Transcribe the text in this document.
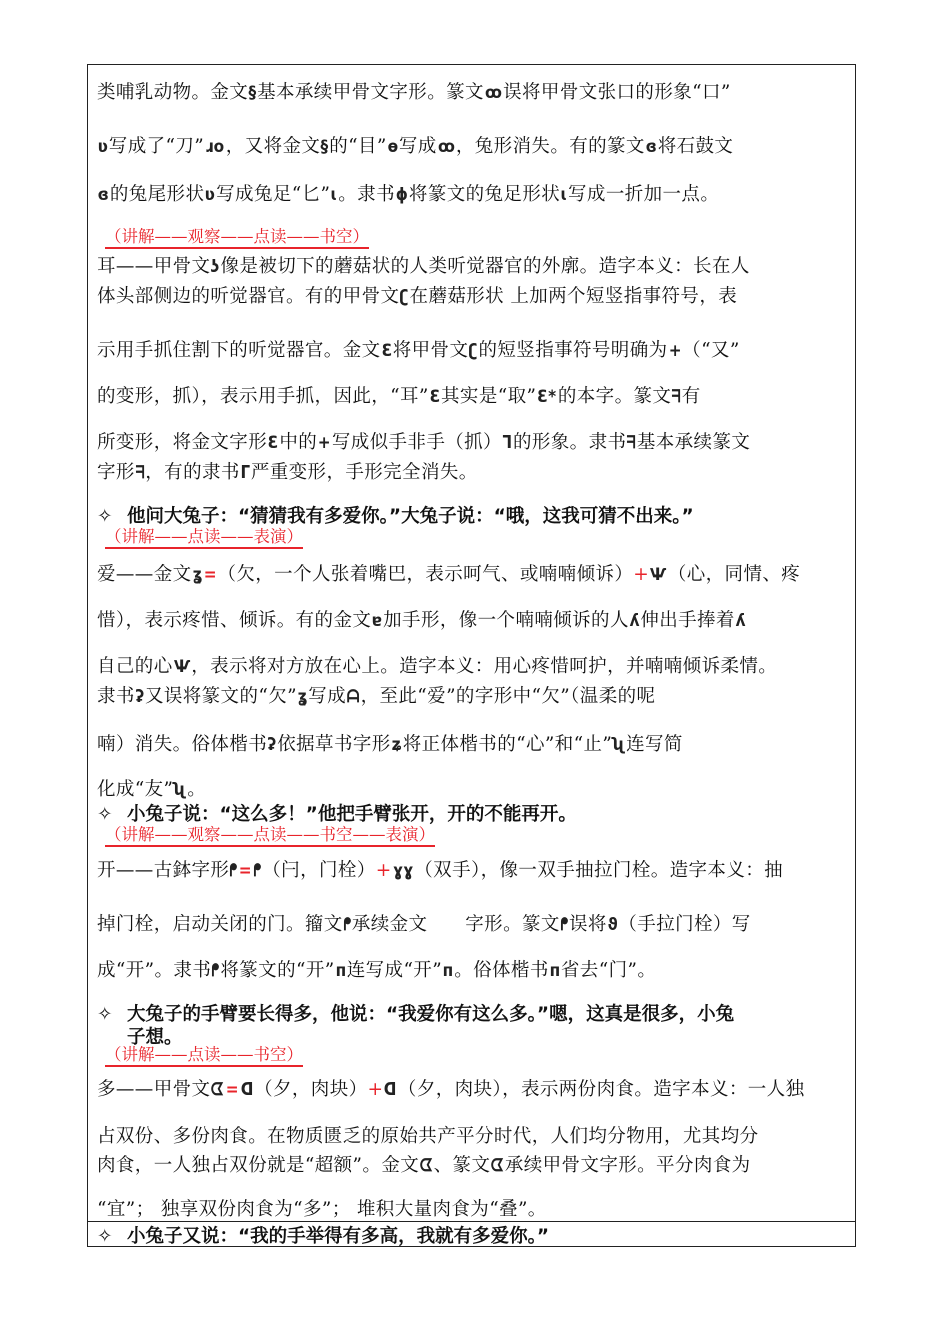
类哺乳动物。金文§基本承续甲骨文字形。篆文ꝏ误将甲骨文张口的形象“口”
ʋ写成了“刀”ɹo，又将金文§的“目”ɵ写成ꝏ，兔形消失。有的篆文ɞ将石鼓文
ɞ的兔尾形状ʋ写成兔足“匕”ɩ。隶书ɸ将篆文的兔足形状ɩ写成一折加一点。
（讲解——观察——点读——书空）
耳——甲骨文ʖ像是被切下的蘑菇状的人类听觉器官的外廓。造字本义：长在人
体头部侧边的听觉器官。有的甲骨文ʗ在蘑菇形状 上加两个短竖指事符号，表
示用手抓住割下的听觉器官。金文Ɛ将甲骨文ʗ的短竖指事符号明确为+（“又”
的变形，抓），表示用手抓，因此，“耳”Ɛ其实是“取”Ɛ*的本字。篆文ᖷ有
所变形，将金文字形Ɛ中的+写成似手非手（抓）ᒣ的形象。隶书ᖷ基本承续篆文
字形ᖷ，有的隶书ᒥ严重变形，手形完全消失。
✧ 他问大兔子：“猜猜我有多爱你。”大兔子说：“哦，这我可猜不出来。”
（讲解——点读——表演）
爱——金文ʓ=（欠，一个人张着嘴巴，表示呵气、或喃喃倾诉）+Ѱ（心，同情、疼
惜），表示疼惜、倾诉。有的金文ɐ加手形，像一个喃喃倾诉的人ʎ伸出手捧着ʎ
自己的心Ѱ，表示将对方放在心上。造字本义：用心疼惜呵护，并喃喃倾诉柔情。
隶书ʡ又误将篆文的“欠”ʓ写成ᗩ，至此“爱”的字形中“欠”（温柔的呢
喃）消失。俗体楷书ʡ依据草书字形ʑ将正体楷书的“心”和“止”ʯ连写简
化成“友”ʯ。
✧ 小兔子说：“这么多！”他把手臂张开，开的不能再开。
（讲解——观察——点读——书空——表演）
开——古鉢字形ᖰ=ᖰ（闩，门栓）+ɣɣ（双手），像一双手抽拉门栓。造字本义：抽
掉门栓，启动关闭的门。籀文ᖰ承续金文　　 字形。篆文ᖰ误将ϑ（手拉门栓）写
成“开”。隶书ᖰ将篆文的“开”ᴨ连写成“开”ᴨ。俗体楷书ᴨ省去“门”。
✧ 大兔子的手臂要长得多，他说：“我爱你有这么多。”嗯，这真是很多，小兔
子想。
（讲解——点读——书空）
多——甲骨文ᗧ=ᗡ（夕，肉块）+ᗡ（夕，肉块），表示两份肉食。造字本义：一人独
占双份、多份肉食。在物质匮乏的原始共产平分时代，人们均分物用，尤其均分
肉食，一人独占双份就是“超额”。金文ᗧ、篆文ᗧ承续甲骨文字形。平分肉食为
“宜”； 独享双份肉食为“多”； 堆积大量肉食为“叠”。
✧ 小兔子又说：“我的手举得有多高，我就有多爱你。”
